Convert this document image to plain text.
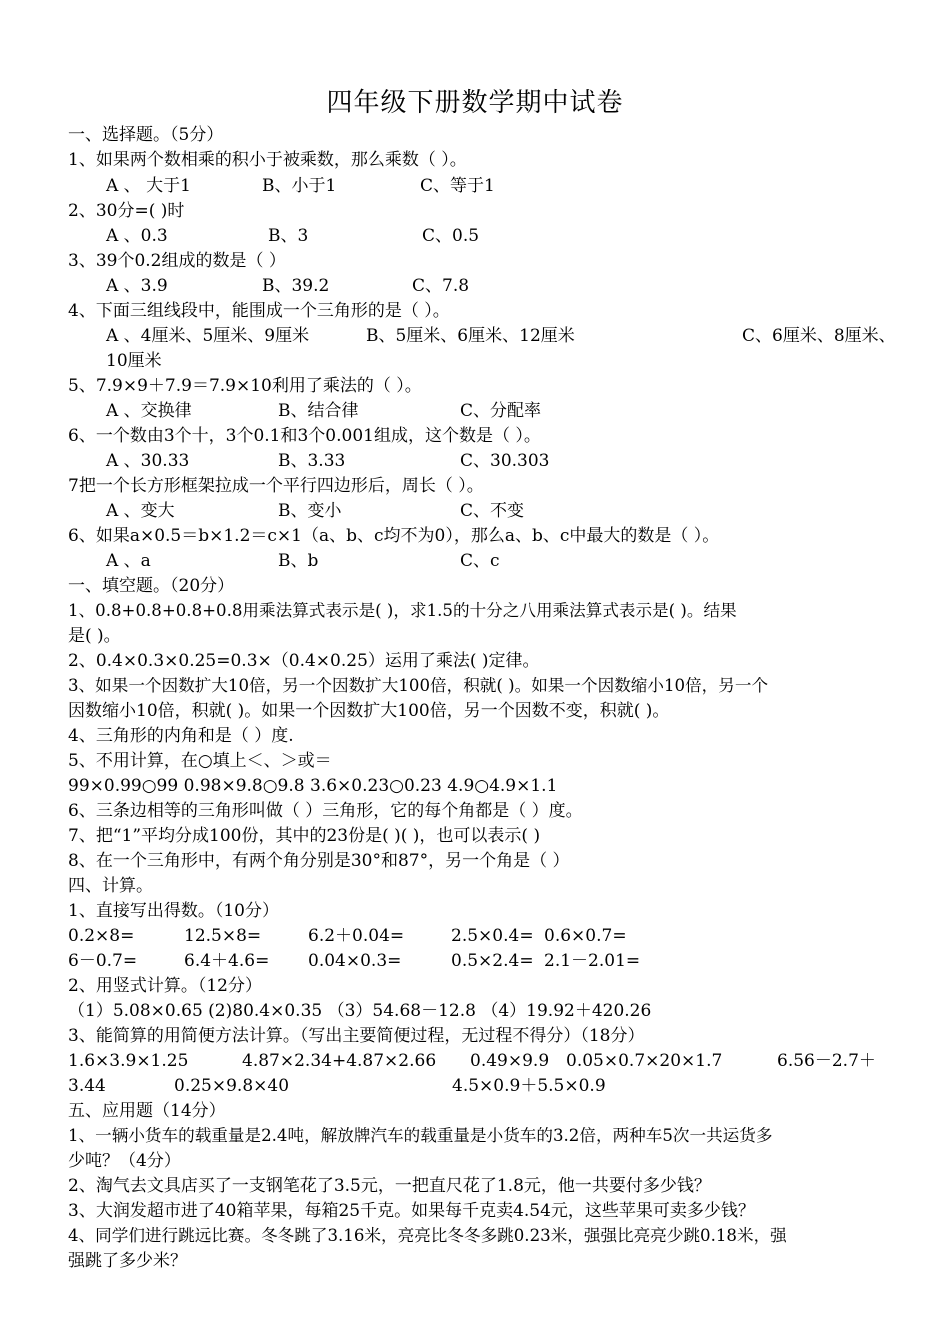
四年级下册数学期中试卷
一、选择题。（5分）
1、如果两个数相乘的积小于被乘数，那么乘数（ ）。
A 、 大于1	B、小于1	C、等于1
2、30分=( )时
A 、0.3	B、3	C、0.5
3、39个0.2组成的数是（ ）
A 、3.9	B、39.2	C、7.8
4、下面三组线段中，能围成一个三角形的是（ ）。
A 、4厘米、5厘米、9厘米	B、5厘米、6厘米、12厘米	C、6厘米、8厘米、
10厘米
5、7.9×9＋7.9＝7.9×10利用了乘法的（ ）。
A 、交换律	B、结合律	C、分配率
6、一个数由3个十，3个0.1和3个0.001组成，这个数是（ ）。
A 、30.33	B、3.33	C、30.303
7把一个长方形框架拉成一个平行四边形后，周长（ ）。
A 、变大	B、变小	C、不变
6、如果a×0.5＝b×1.2＝c×1（a、b、c均不为0），那么a、b、c中最大的数是（ ）。
A 、a	B、b	C、c
一、填空题。（20分）
1、0.8+0.8+0.8+0.8用乘法算式表示是( )，求1.5的十分之八用乘法算式表示是( )。结果
是( )。
2、0.4×0.3×0.25=0.3×（0.4×0.25）运用了乘法( )定律。
3、如果一个因数扩大10倍，另一个因数扩大100倍，积就( )。如果一个因数缩小10倍，另一个
因数缩小10倍，积就( )。如果一个因数扩大100倍，另一个因数不变，积就( )。
4、三角形的内角和是（ ）度.
5、不用计算，在○填上＜、＞或＝
99×0.99○99 0.98×9.8○9.8 3.6×0.23○0.23 4.9○4.9×1.1
6、三条边相等的三角形叫做（ ）三角形，它的每个角都是（ ）度。
7、把“1”平均分成100份，其中的23份是( )( )，也可以表示( )
8、在一个三角形中，有两个角分别是30°和87°，另一个角是（ ）
四、计算。
1、直接写出得数。（10分）
0.2×8=	12.5×8=	6.2＋0.04=	2.5×0.4= 0.6×0.7=
6－0.7=	6.4＋4.6= 0.04×0.3=	0.5×2.4= 2.1－2.01=
2、用竖式计算。（12分）
（1）5.08×0.65 (2)80.4×0.35 （3）54.68－12.8 （4）19.92＋420.26
3、能简算的用简便方法计算。（写出主要简便过程，无过程不得分）（18分）
1.6×3.9×1.25	4.87×2.34+4.87×2.66 0.49×9.9 0.05×0.7×20×1.7	6.56－2.7＋
3.44	0.25×9.8×40	4.5×0.9＋5.5×0.9
五、应用题（14分）
1、一辆小货车的载重量是2.4吨，解放牌汽车的载重量是小货车的3.2倍，两种车5次一共运货多
少吨？（4分）
2、淘气去文具店买了一支钢笔花了3.5元，一把直尺花了1.8元，他一共要付多少钱？
3、大润发超市进了40箱苹果，每箱25千克。如果每千克卖4.54元，这些苹果可卖多少钱？
4、同学们进行跳远比赛。冬冬跳了3.16米，亮亮比冬冬多跳0.23米，强强比亮亮少跳0.18米，强
强跳了多少米？
